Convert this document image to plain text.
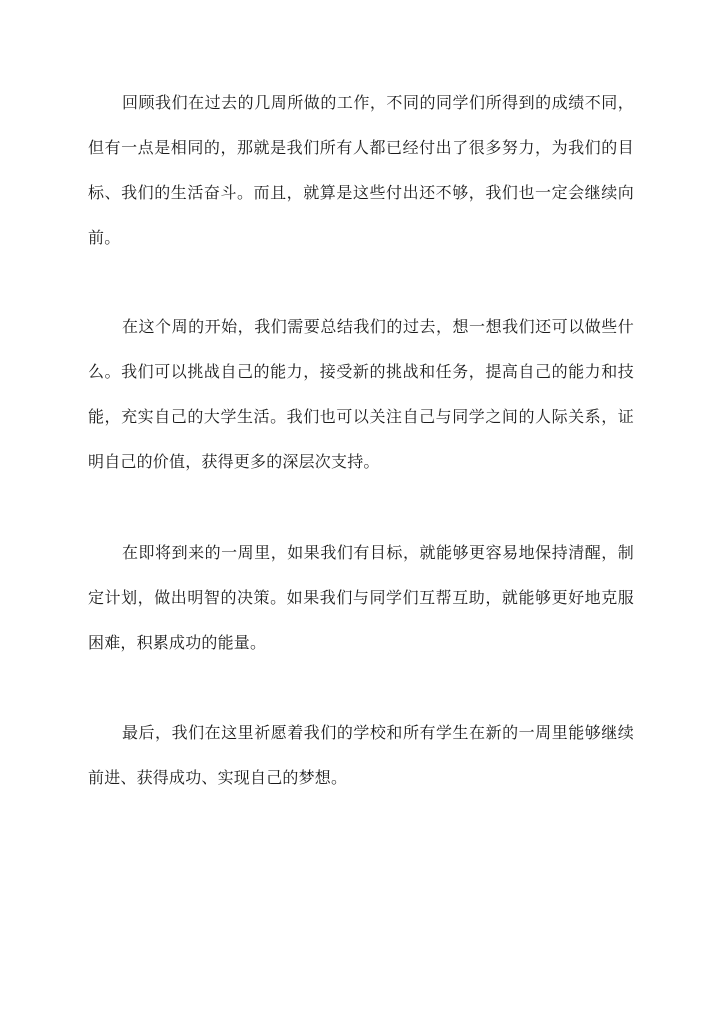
回顾我们在过去的几周所做的工作，不同的同学们所得到的成绩不同，但有一点是相同的，那就是我们所有人都已经付出了很多努力，为我们的目标、我们的生活奋斗。而且，就算是这些付出还不够，我们也一定会继续向前。

在这个周的开始，我们需要总结我们的过去，想一想我们还可以做些什么。我们可以挑战自己的能力，接受新的挑战和任务，提高自己的能力和技能，充实自己的大学生活。我们也可以关注自己与同学之间的人际关系，证明自己的价值，获得更多的深层次支持。

在即将到来的一周里，如果我们有目标，就能够更容易地保持清醒，制定计划，做出明智的决策。如果我们与同学们互帮互助，就能够更好地克服困难，积累成功的能量。

最后，我们在这里祈愿着我们的学校和所有学生在新的一周里能够继续前进、获得成功、实现自己的梦想。
